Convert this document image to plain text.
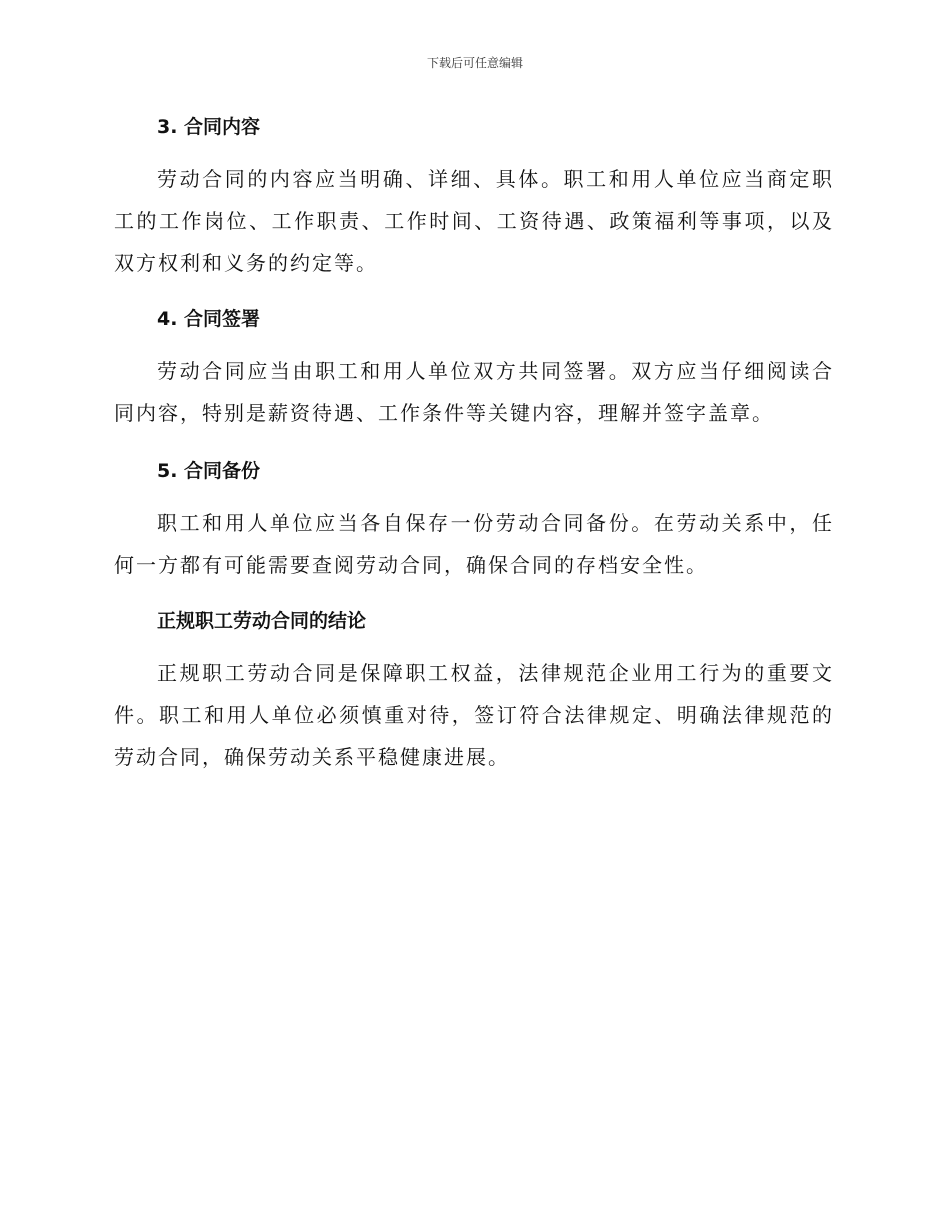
下载后可任意编辑
3. 合同内容

劳动合同的内容应当明确、详细、具体。职工和用人单位应当商定职工的工作岗位、工作职责、工作时间、工资待遇、政策福利等事项，以及双方权利和义务的约定等。

4. 合同签署

劳动合同应当由职工和用人单位双方共同签署。双方应当仔细阅读合同内容，特别是薪资待遇、工作条件等关键内容，理解并签字盖章。

5. 合同备份

职工和用人单位应当各自保存一份劳动合同备份。在劳动关系中，任何一方都有可能需要查阅劳动合同，确保合同的存档安全性。

正规职工劳动合同的结论

正规职工劳动合同是保障职工权益，法律规范企业用工行为的重要文件。职工和用人单位必须慎重对待，签订符合法律规定、明确法律规范的劳动合同，确保劳动关系平稳健康进展。
